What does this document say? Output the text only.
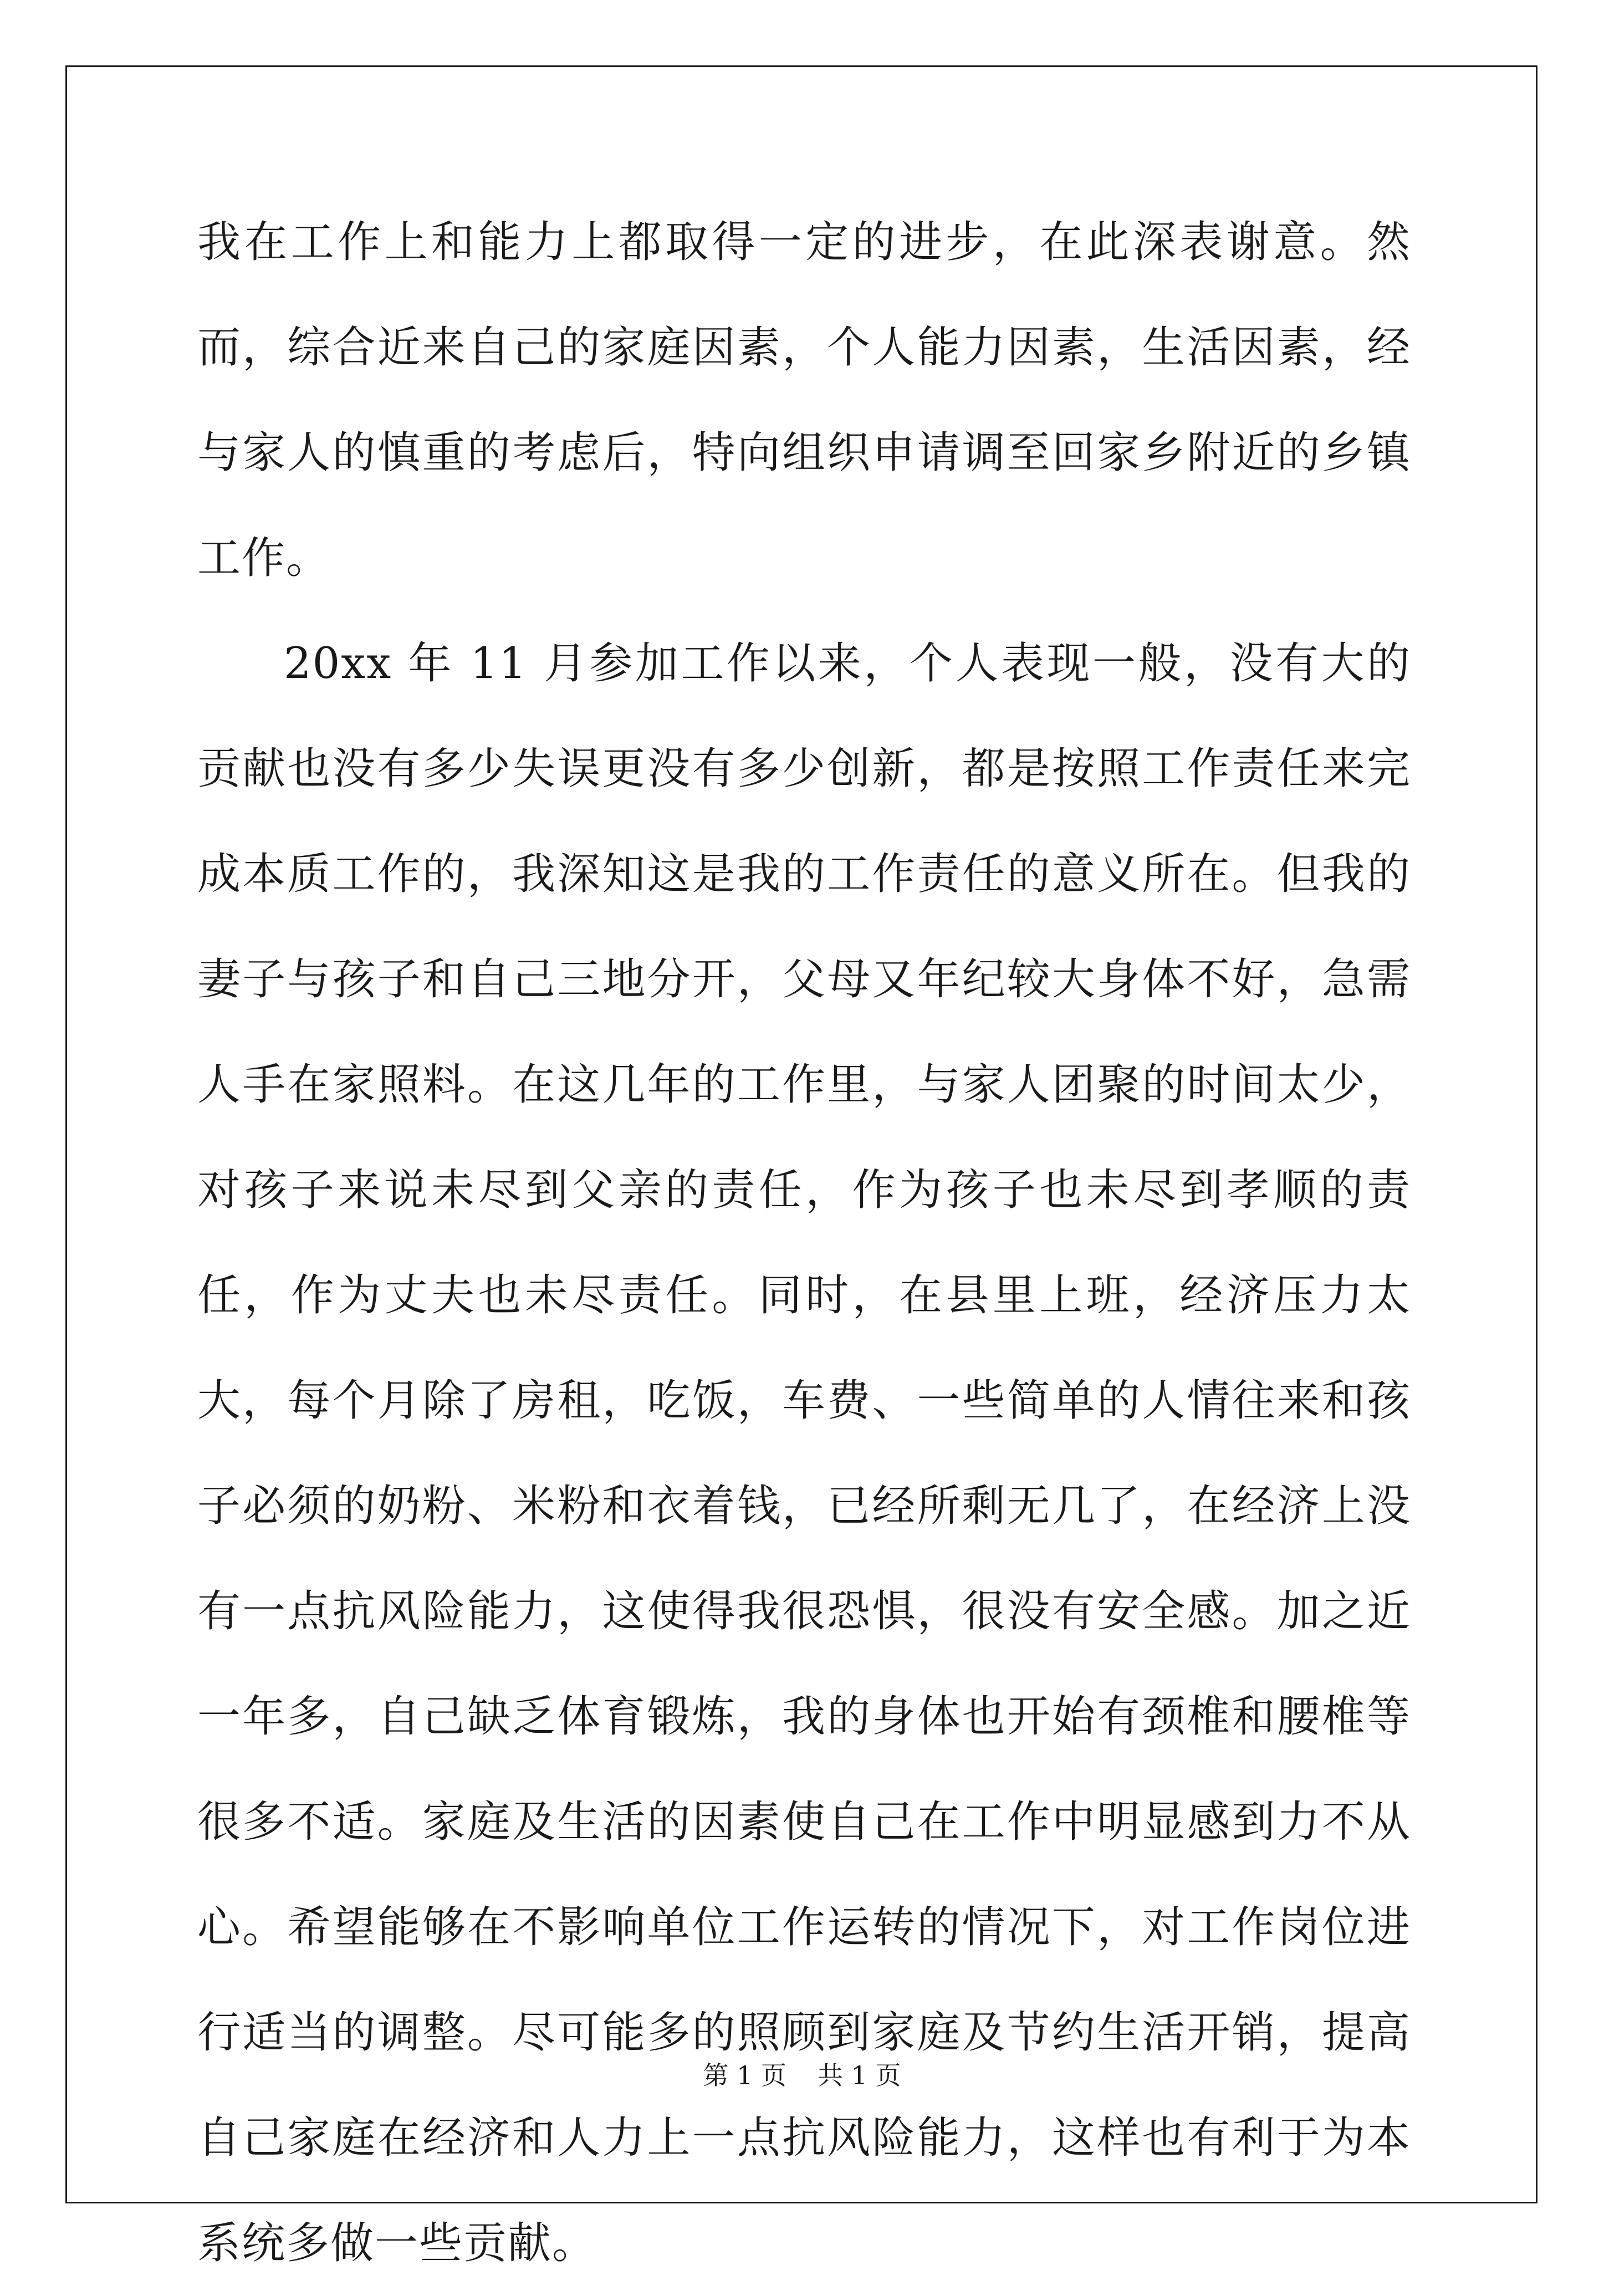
我在工作上和能力上都取得一定的进步，在此深表谢意。然而，综合近来自己的家庭因素，个人能力因素，生活因素，经与家人的慎重的考虑后，特向组织申请调至回家乡附近的乡镇工作。

20xx 年 11 月参加工作以来，个人表现一般，没有大的贡献也没有多少失误更没有多少创新，都是按照工作责任来完成本质工作的，我深知这是我的工作责任的意义所在。但我的妻子与孩子和自己三地分开，父母又年纪较大身体不好，急需人手在家照料。在这几年的工作里，与家人团聚的时间太少，对孩子来说未尽到父亲的责任，作为孩子也未尽到孝顺的责任，作为丈夫也未尽责任。同时，在县里上班，经济压力太大，每个月除了房租，吃饭，车费、一些简单的人情往来和孩子必须的奶粉、米粉和衣着钱，已经所剩无几了，在经济上没有一点抗风险能力，这使得我很恐惧，很没有安全感。加之近一年多，自己缺乏体育锻炼，我的身体也开始有颈椎和腰椎等很多不适。家庭及生活的因素使自己在工作中明显感到力不从心。希望能够在不影响单位工作运转的情况下，对工作岗位进行适当的调整。尽可能多的照顾到家庭及节约生活开销，提高自己家庭在经济和人力上一点抗风险能力，这样也有利于为本系统多做一些贡献。

第 1 页 共 1 页
